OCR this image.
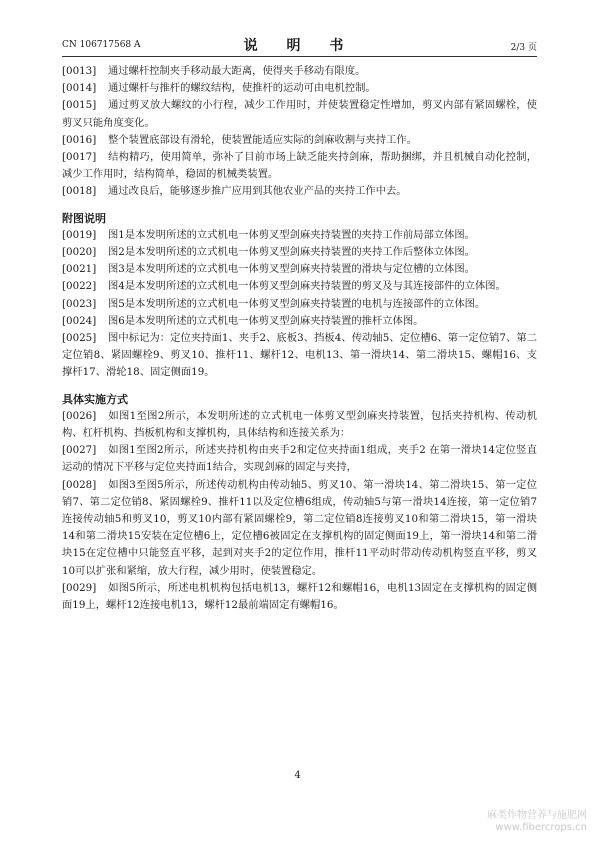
CN 106717568 A	说 明 书	2/3 页
[0013] 通过螺杆控制夹手移动最大距离，使得夹手移动有限度。
[0014] 通过螺杆与推杆的螺纹结构，使推杆的运动可由电机控制。
[0015] 通过剪叉放大螺纹的小行程，减少工作用时，并使装置稳定性增加，剪叉内部有紧固螺栓，使剪叉只能角度变化。
[0016] 整个装置底部设有滑轮，使装置能适应实际的剑麻收割与夹持工作。
[0017] 结构精巧，使用简单，弥补了目前市场上缺乏能夹持剑麻，帮助捆绑，并且机械自动化控制，减少工作用时，结构简单，稳固的机械类装置。
[0018] 通过改良后，能够逐步推广应用到其他农业产品的夹持工作中去。
附图说明
[0019] 图1是本发明所述的立式机电一体剪叉型剑麻夹持装置的夹持工作前局部立体图。
[0020] 图2是本发明所述的立式机电一体剪叉型剑麻夹持装置的夹持工作后整体立体图。
[0021] 图3是本发明所述的立式机电一体剪叉型剑麻夹持装置的滑块与定位槽的立体图。
[0022] 图4是本发明所述的立式机电一体剪叉型剑麻夹持装置的剪叉及与其连接部件的立体图。
[0023] 图5是本发明所述的立式机电一体剪叉型剑麻夹持装置的电机与连接部件的立体图。
[0024] 图6是本发明所述的立式机电一体剪叉型剑麻夹持装置的推杆立体图。
[0025] 图中标记为：定位夹持面1、夹手2、底板3、挡板4、传动轴5、定位槽6、第一定位销7、第二定位销8、紧固螺栓9、剪叉10、推杆11、螺杆12、电机13、第一滑块14、第二滑块15、螺帽16、支撑杆17、滑轮18、固定侧面19。
具体实施方式
[0026] 如图1至图2所示，本发明所述的立式机电一体剪叉型剑麻夹持装置，包括夹持机构、传动机构、杠杆机构、挡板机构和支撑机构，具体结构和连接关系为：
[0027] 如图1至图2所示，所述夹持机构由夹手2和定位夹持面1组成，夹手2 在第一滑块14定位竖直运动的情况下平移与定位夹持面1结合，实现剑麻的固定与夹持，
[0028] 如图3至图5所示，所述传动机构由传动轴5、剪叉10、第一滑块14、第二滑块15、第一定位销7、第二定位销8、紧固螺栓9、推杆11以及定位槽6组成，传动轴5与第一滑块14连接，第一定位销7连接传动轴5和剪叉10，剪叉10内部有紧固螺栓9，第二定位销8连接剪叉10和第二滑块15，第一滑块14和第二滑块15安装在定位槽6上，定位槽6被固定在支撑机构的固定侧面19上，第一滑块14和第二滑块15在定位槽中只能竖直平移，起到对夹手2的定位作用，推杆11平动时带动传动机构竖直平移，剪叉10可以扩张和紧缩，放大行程，减少用时，使装置稳定。
[0029] 如图5所示，所述电机机构包括电机13，螺杆12和螺帽16，电机13固定在支撑机构的固定侧面19上，螺杆12连接电机13，螺杆12最前端固定有螺帽16。
4
麻类作物营养与施肥网
www.fibercrops.cn
